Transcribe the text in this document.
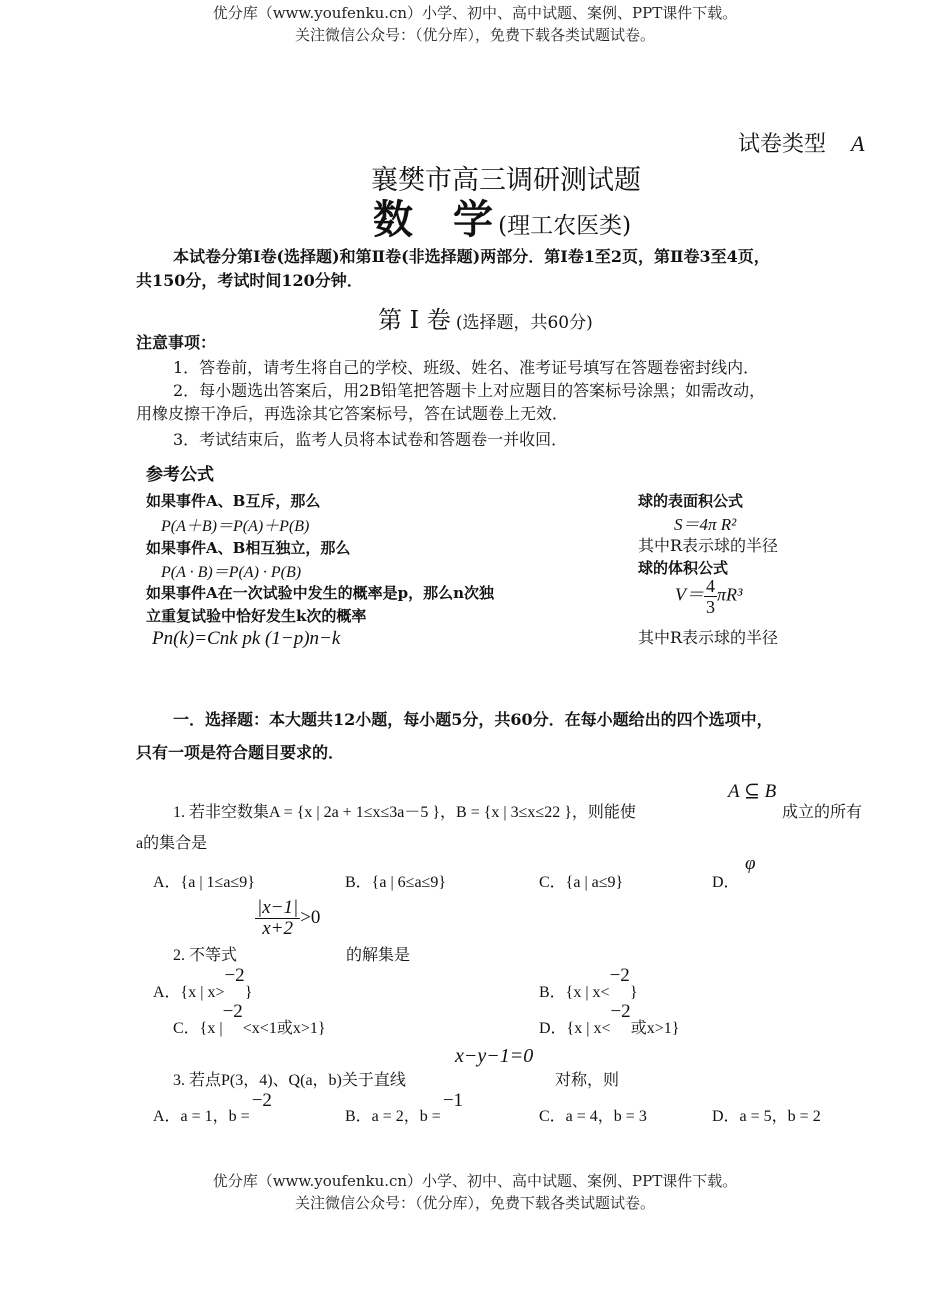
优分库（www.youfenku.cn）小学、初中、高中试题、案例、PPT课件下载。
关注微信公众号：（优分库），免费下载各类试题试卷。
试卷类型 A
襄樊市高三调研测试题
数　学 (理工农医类)
本试卷分第Ⅰ卷(选择题)和第Ⅱ卷(非选择题)两部分．第Ⅰ卷1至2页，第Ⅱ卷3至4页，
共150分，考试时间120分钟．
第 Ⅰ 卷 (选择题，共60分)
注意事项：
1．答卷前，请考生将自己的学校、班级、姓名、准考证号填写在答题卷密封线内．
2．每小题选出答案后，用2B铅笔把答题卡上对应题目的答案标号涂黑；如需改动，
用橡皮擦干净后，再选涂其它答案标号，答在试题卷上无效．
3．考试结束后，监考人员将本试卷和答题卷一并收回．
参考公式
如果事件A、B互斥，那么
P(A＋B)＝P(A)＋P(B)
如果事件A、B相互独立，那么
P(A · B)＝P(A) · P(B)
如果事件A在一次试验中发生的概率是p，那么n次独
立重复试验中恰好发生k次的概率
Pn(k)=Cnk pk (1−p)n−k
球的表面积公式
S＝4π R²
其中R表示球的半径
球的体积公式
$V= \frac{4}{3} \pi R^3$
其中R表示球的半径
一．选择题：本大题共12小题，每小题5分，共60分．在每小题给出的四个选项中，
只有一项是符合题目要求的．
A ⊆ B
1. 若非空数集A = {x | 2a + 1≤x≤3a－5 }，B = {x | 3≤x≤22 }，则能使	成立的所有
a的集合是
A．{a | 1≤a≤9}	B．{a | 6≤a≤9}	C．{a | a≤9}	D．
φ
$\frac{|x-1|}{x+2} >0$
2. 不等式	的解集是
A．{x | x>−2}	B．{x | x<−2}
C．{x |−2<x<1或x>1}	D．{x | x<−2或x>1}
x−y−1=0
3. 若点P(3，4)、Q(a，b)关于直线	对称，则
A．a = 1，b =−2
B．a = 2，b =−1
C．a = 4，b = 3	D．a = 5，b = 2
优分库（www.youfenku.cn）小学、初中、高中试题、案例、PPT课件下载。
关注微信公众号：（优分库），免费下载各类试题试卷。
